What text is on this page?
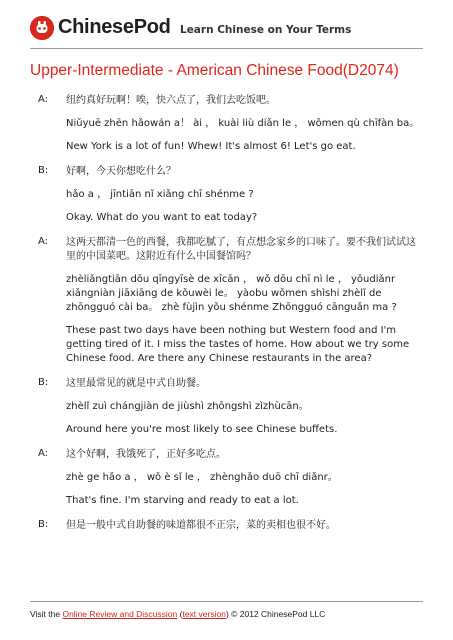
ChinesePod Learn Chinese on Your Terms
Upper-Intermediate - American Chinese Food(D2074)
A: 纽约真好玩啊！唉，快六点了，我们去吃饭吧。
Niǔyuē zhēn hǎowán a！ ài ， kuài liù diǎn le ， wǒmen qù chīfàn ba。
New York is a lot of fun! Whew! It's almost 6! Let's go eat.
B: 好啊，今天你想吃什么？
hǎo a ， jīntiān nǐ xiǎng chī shénme ?
Okay. What do you want to eat today?
A: 这两天都清一色的西餐，我都吃腻了，有点想念家乡的口味了。要不我们试试这里的中国菜吧。这附近有什么中国餐馆吗？
zhèliǎngtiān dōu qīngyīsè de xīcān ， wǒ dōu chī nì le ， yǒudiǎnr xiǎngniàn jiāxiāng de kǒuwèi le。 yàobu wǒmen shìshi zhèlǐ de zhōngguó cài ba。 zhè fùjìn yǒu shénme Zhōngguó cānguǎn ma ?
These past two days have been nothing but Western food and I'm getting tired of it. I miss the tastes of home. How about we try some Chinese food. Are there any Chinese restaurants in the area?
B: 这里最常见的就是中式自助餐。
zhèlǐ zuì chángjiàn de jiùshì zhōngshì zìzhùcān。
Around here you're most likely to see Chinese buffets.
A: 这个好啊，我饿死了，正好多吃点。
zhè ge hǎo a ， wǒ è sǐ le ， zhènghǎo duō chī diǎnr。
That's fine. I'm starving and ready to eat a lot.
B: 但是一般中式自助餐的味道都很不正宗，菜的卖相也很不好。
Visit the Online Review and Discussion (text version) © 2012 ChinesePod LLC
